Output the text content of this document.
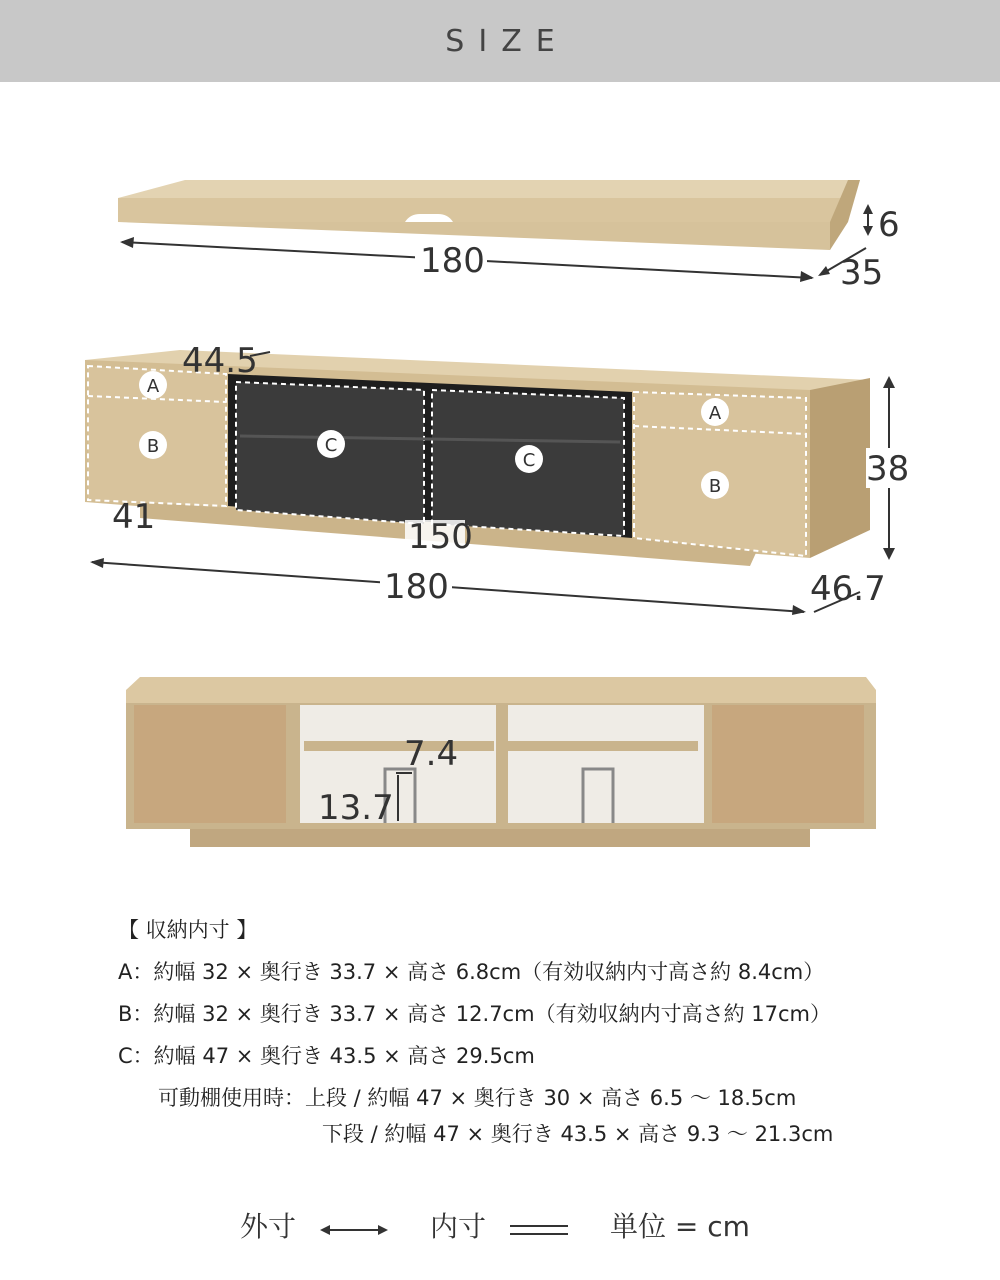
SIZE
180
6
35
A
B	C
C
A
B
44.5
41	150
180	46.7
38
7.4
13.7
【 収納内寸 】
A：約幅 32 × 奥行き 33.7 × 高さ 6.8cm（有効収納内寸高さ約 8.4cm）
B：約幅 32 × 奥行き 33.7 × 高さ 12.7cm（有効収納内寸高さ約 17cm）
C：約幅 47 × 奥行き 43.5 × 高さ 29.5cm
可動棚使用時：上段 / 約幅 47 × 奥行き 30 × 高さ 6.5 ～ 18.5cm
下段 / 約幅 47 × 奥行き 43.5 × 高さ 9.3 ～ 21.3cm
外寸	内寸	単位 = cm
